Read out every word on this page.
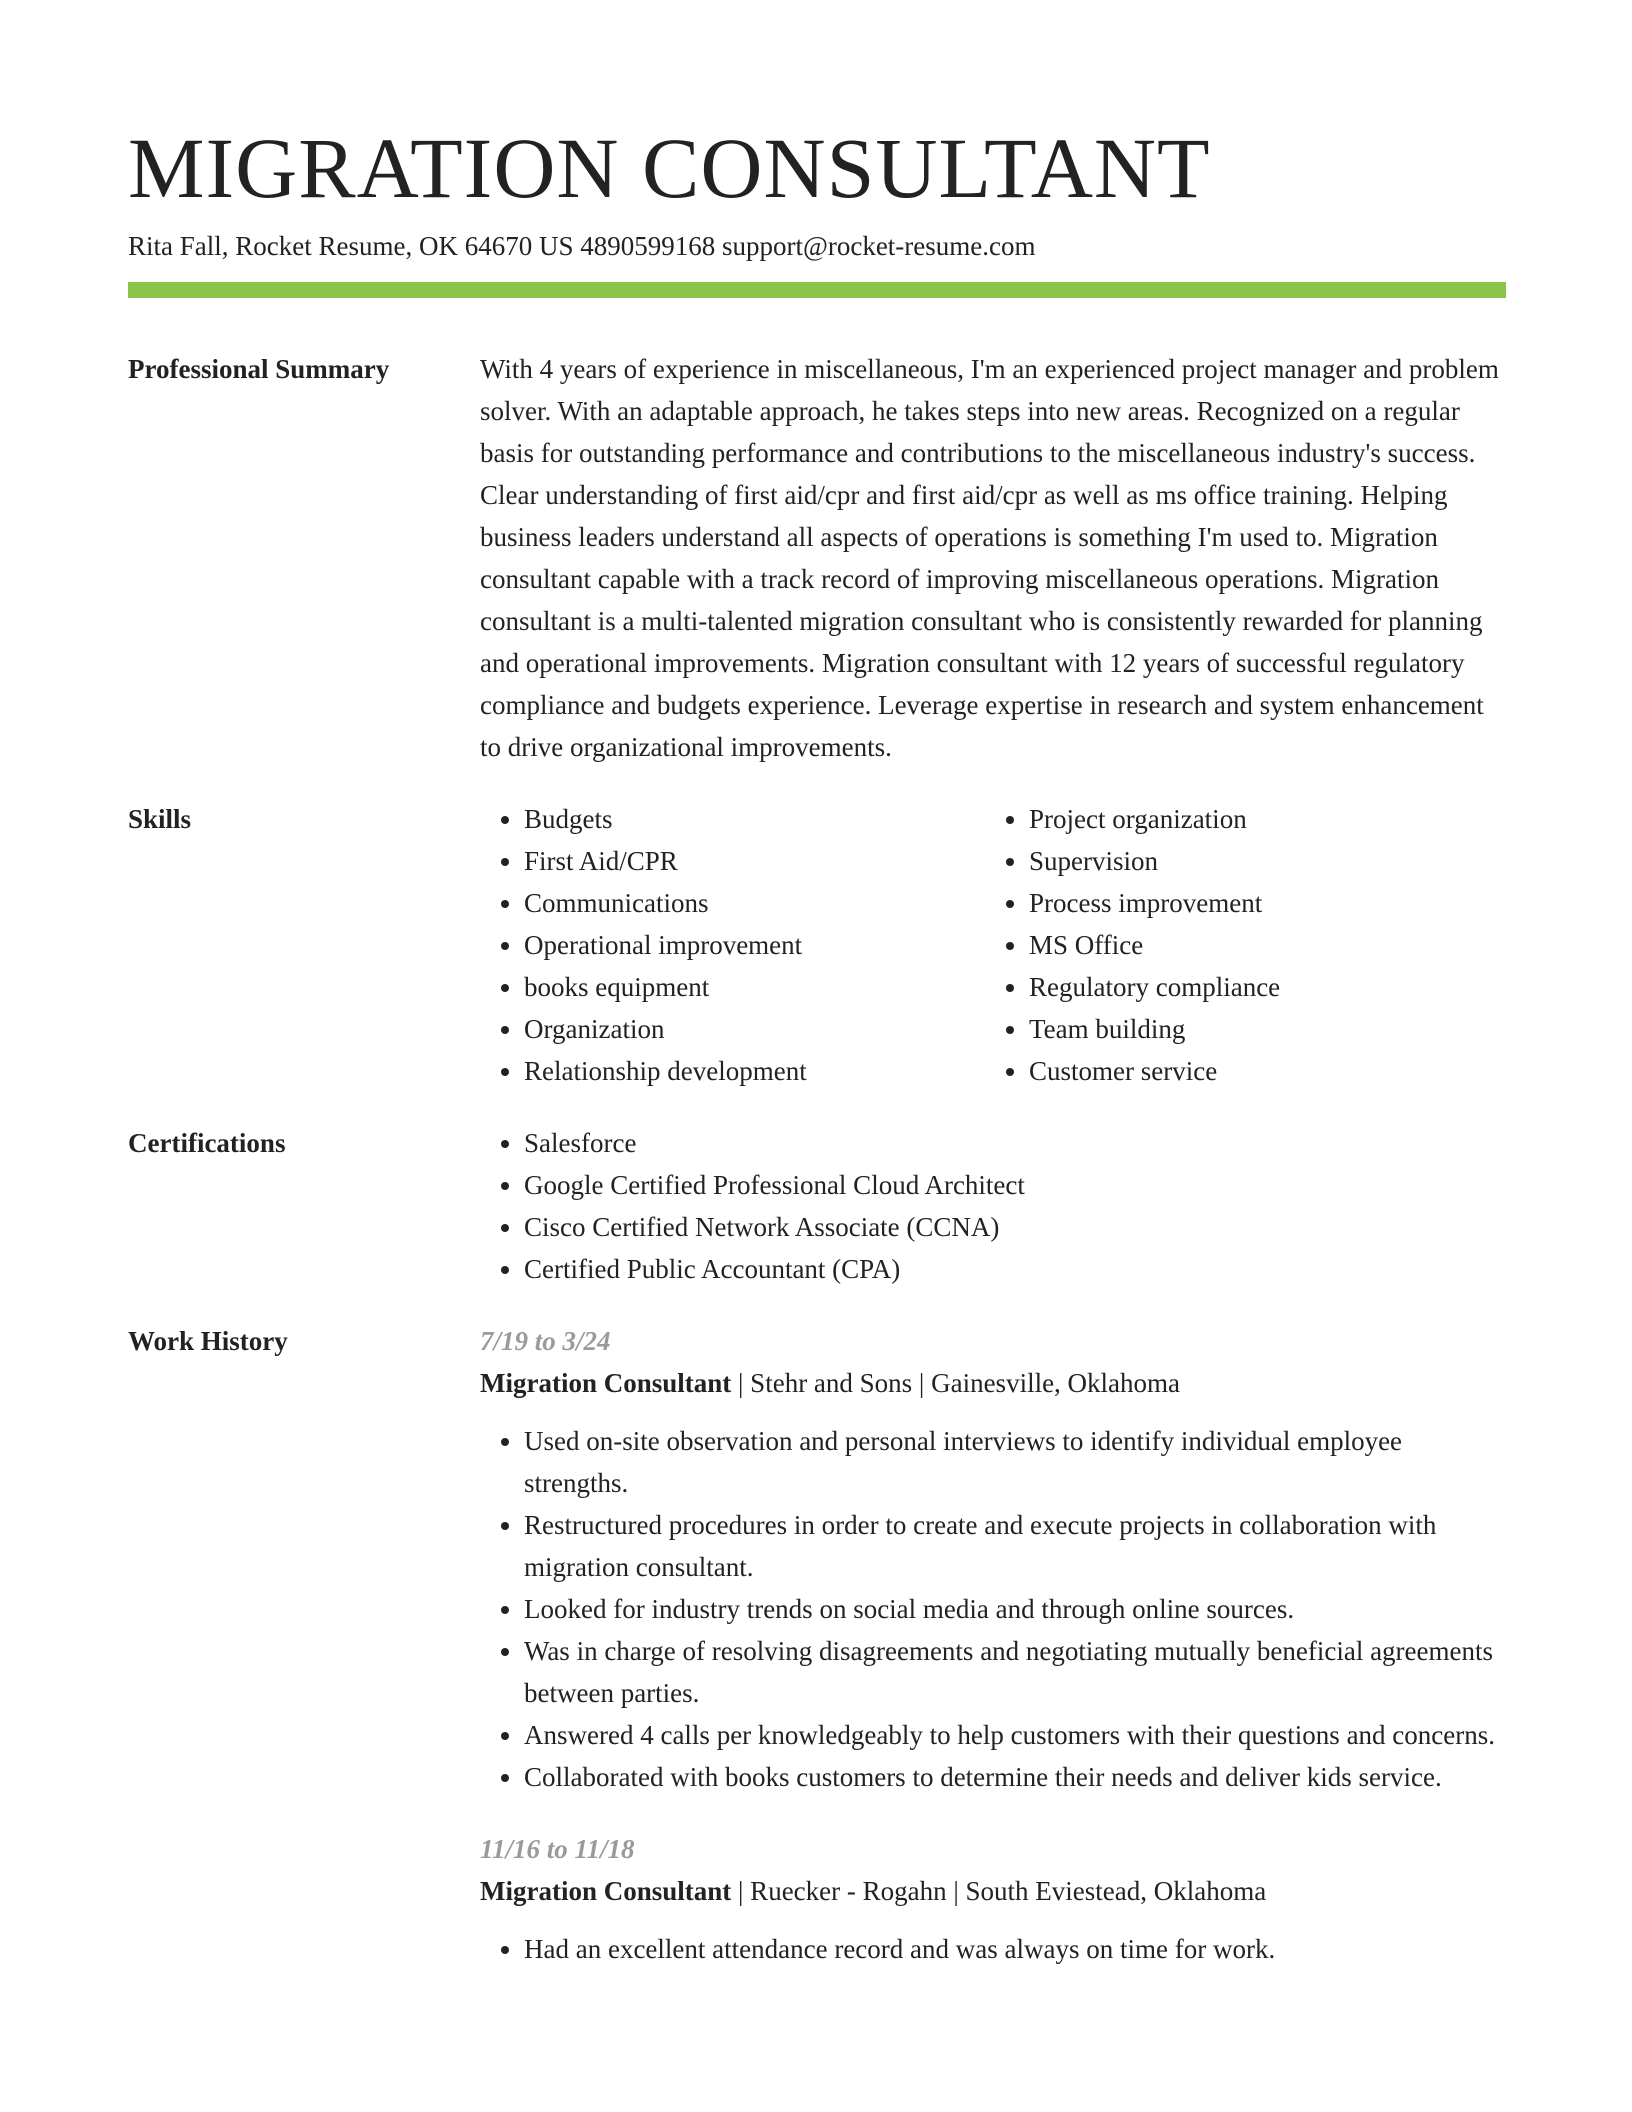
MIGRATION CONSULTANT
Rita Fall, Rocket Resume, OK 64670 US 4890599168 support@rocket-resume.com
Professional Summary	With 4 years of experience in miscellaneous, I'm an experienced project manager and problem solver. With an adaptable approach, he takes steps into new areas. Recognized on a regular basis for outstanding performance and contributions to the miscellaneous industry's success. Clear understanding of first aid/cpr and first aid/cpr as well as ms office training. Helping business leaders understand all aspects of operations is something I'm used to. Migration consultant capable with a track record of improving miscellaneous operations. Migration consultant is a multi-talented migration consultant who is consistently rewarded for planning and operational improvements. Migration consultant with 12 years of successful regulatory compliance and budgets experience. Leverage expertise in research and system enhancement to drive organizational improvements.

Skills	• Budgets
• First Aid/CPR
• Communications
• Operational improvement
• books equipment
• Organization
• Relationship development
• Project organization
• Supervision
• Process improvement
• MS Office
• Regulatory compliance
• Team building
• Customer service
Certifications	• Salesforce
• Google Certified Professional Cloud Architect
• Cisco Certified Network Associate (CCNA)
• Certified Public Accountant (CPA)
Work History	7/19 to 3/24
Migration Consultant | Stehr and Sons | Gainesville, Oklahoma
• Used on-site observation and personal interviews to identify individual employee strengths.
• Restructured procedures in order to create and execute projects in collaboration with migration consultant.
• Looked for industry trends on social media and through online sources.
• Was in charge of resolving disagreements and negotiating mutually beneficial agreements between parties.
• Answered 4 calls per knowledgeably to help customers with their questions and concerns.
• Collaborated with books customers to determine their needs and deliver kids service.
11/16 to 11/18
Migration Consultant | Ruecker - Rogahn | South Eviestead, Oklahoma
• Had an excellent attendance record and was always on time for work.
